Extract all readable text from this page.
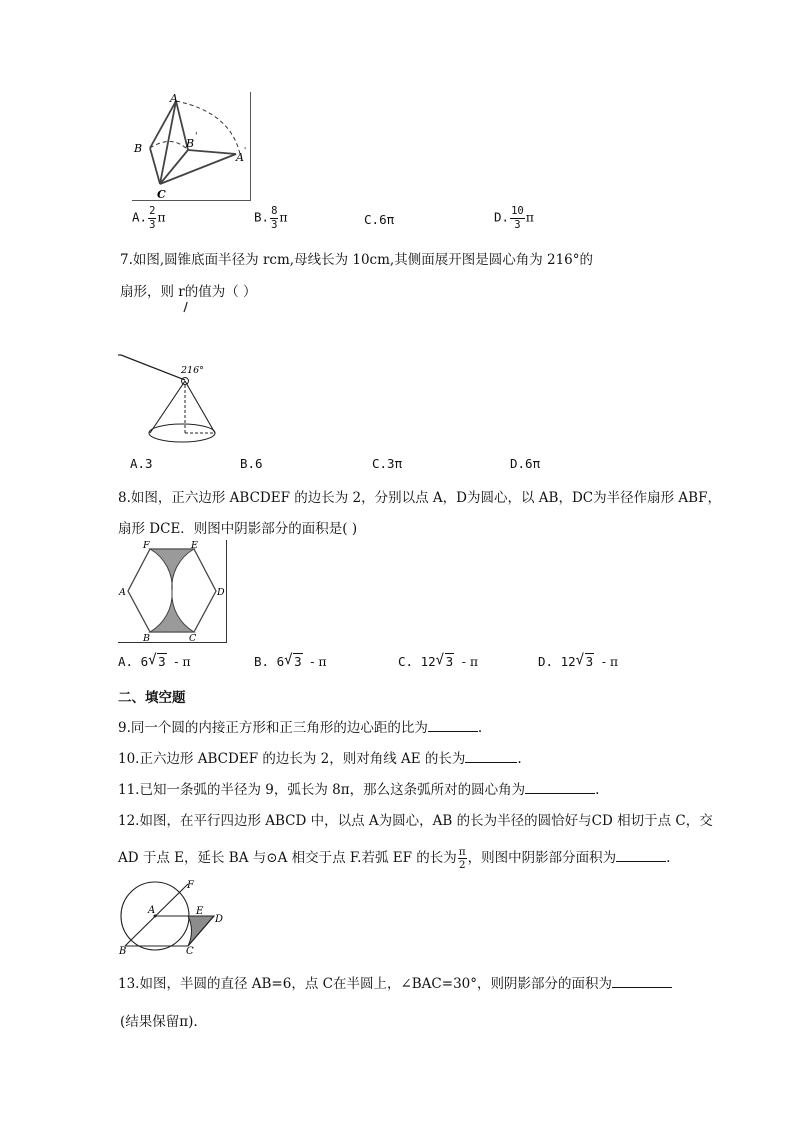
A
B	B '
C
A
'
A. $\frac{2}{3}$ π	B. $\frac{8}{3}$ π	C.6π	D. $\frac{10}{3}$ π
7.如图,圆锥底面半径为 rcm,母线长为 10cm,其侧面展开图是圆心角为 216°的
扇形，则 r的值为（ ）
216°
A.3	B.6	C.3π	D.6π
8.如图，正六边形 ABCDEF 的边长为 2，分别以点 A，D为圆心，以 AB，DC为半径作扇形 ABF，
扇形 DCE．则图中阴影部分的面积是( )
F	E
A	D
B	C
A. 6 √ 3 - π	B. 6 √ 3 - π	C. 12 √ 3 - π	D. 12 √ 3 - π
二、填空题
9.同一个圆的内接正方形和正三角形的边心距的比为	.
10.正六边形 ABCDEF 的边长为 2，则对角线 AE 的长为	.
11.已知一条弧的半径为 9，弧长为 8π，那么这条弧所对的圆心角为	.
12.如图，在平行四边形 ABCD 中，以点 A为圆心，AB 的长为半径的圆恰好与CD 相切于点 C，交
AD 于点 E，延长 BA 与⊙A 相交于点 F.若弧 EF 的长为 $\frac{\pi}{2}$ ，则图中阴影部分面积为	.
F
A	E
D
B	C
13.如图，半圆的直径 AB=6，点 C在半圆上，∠BAC=30°，则阴影部分的面积为
(结果保留π).
